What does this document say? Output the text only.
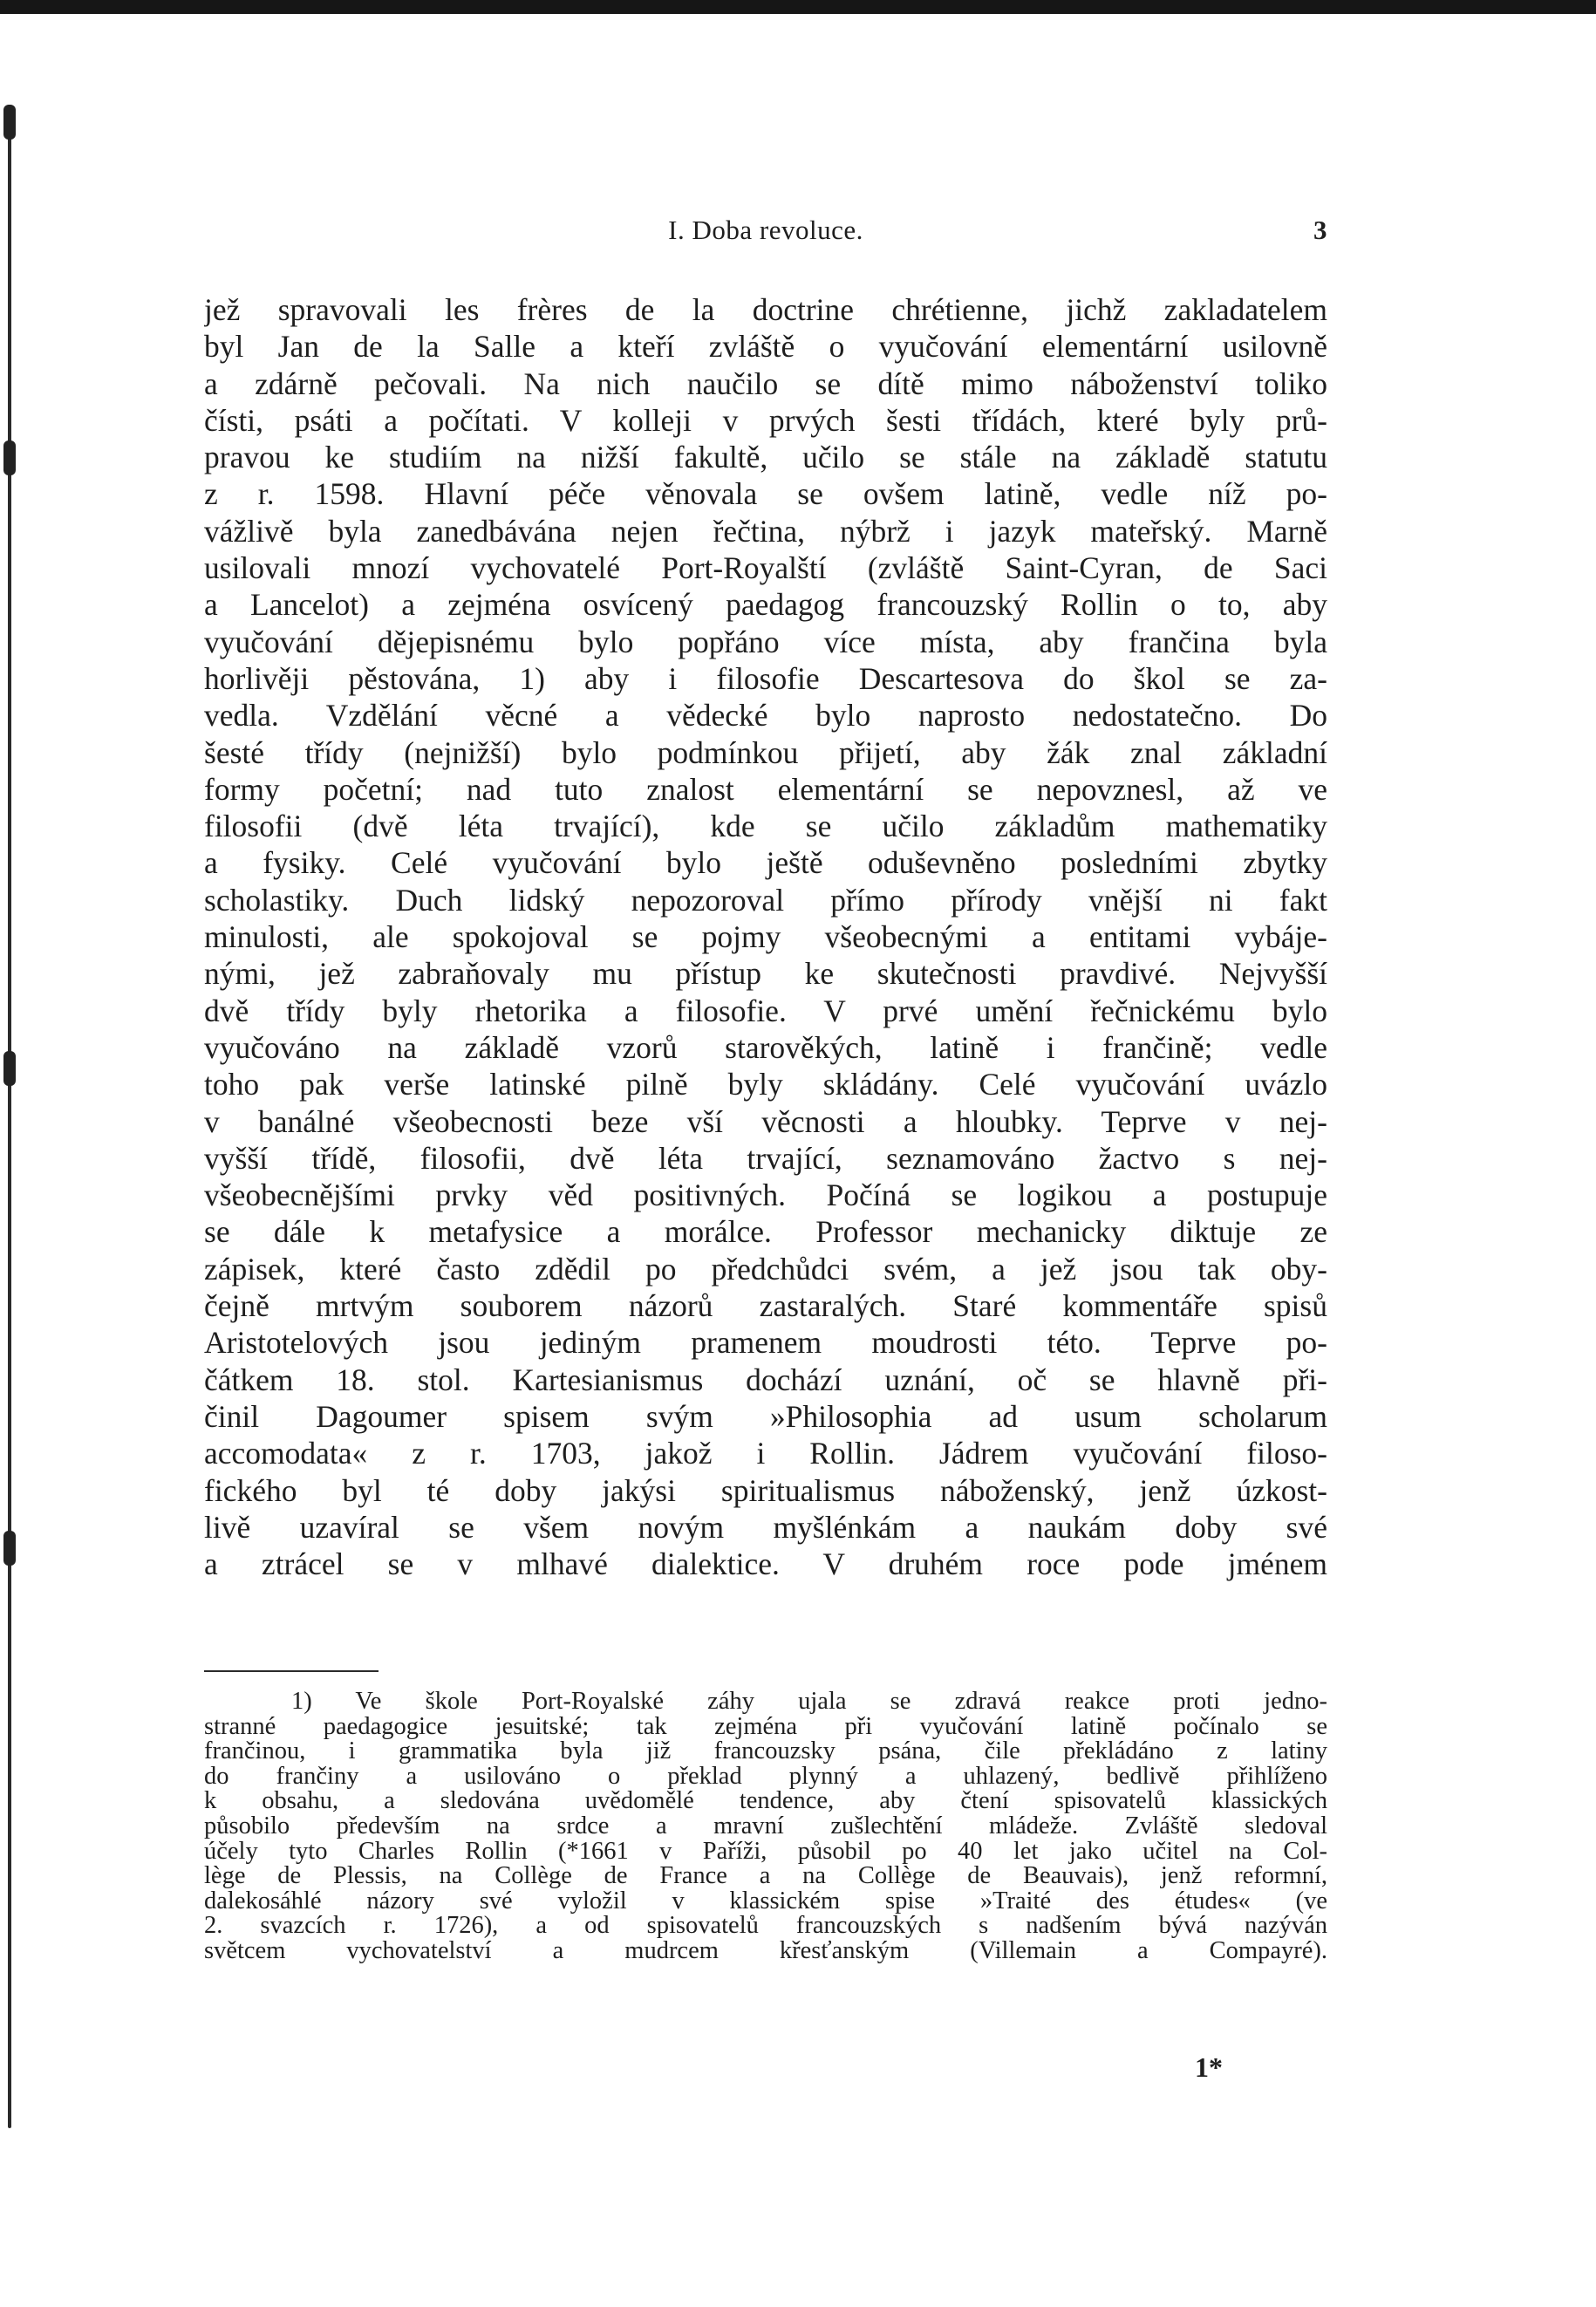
I. Doba revoluce.	3
jež spravovali les frères de la doctrine chrétienne, jichž zakladatelem
byl Jan de la Salle a kteří zvláště o vyučování elementární usilovně
a zdárně pečovali. Na nich naučilo se dítě mimo náboženství toliko
čísti, psáti a počítati. V kolleji v prvých šesti třídách, které byly prů-
pravou ke studiím na nižší fakultě, učilo se stále na základě statutu
z r. 1598. Hlavní péče věnovala se ovšem latině, vedle níž po-
vážlivě byla zanedbávána nejen řečtina, nýbrž i jazyk mateřský. Marně
usilovali mnozí vychovatelé Port-Royalští (zvláště Saint-Cyran, de Saci
a Lancelot) a zejména osvícený paedagog francouzský Rollin o to, aby
vyučování dějepisnému bylo popřáno více místa, aby frančina byla
horlivěji pěstována, 1) aby i filosofie Descartesova do škol se za-
vedla. Vzdělání věcné a vědecké bylo naprosto nedostatečno. Do
šesté třídy (nejnižší) bylo podmínkou přijetí, aby žák znal základní
formy početní; nad tuto znalost elementární se nepovznesl, až ve
filosofii (dvě léta trvající), kde se učilo základům mathematiky
a fysiky. Celé vyučování bylo ještě oduševněno posledními zbytky
scholastiky. Duch lidský nepozoroval přímo přírody vnější ni fakt
minulosti, ale spokojoval se pojmy všeobecnými a entitami vybáje-
nými, jež zabraňovaly mu přístup ke skutečnosti pravdivé. Nejvyšší
dvě třídy byly rhetorika a filosofie. V prvé umění řečnickému bylo
vyučováno na základě vzorů starověkých, latině i frančině; vedle
toho pak verše latinské pilně byly skládány. Celé vyučování uvázlo
v banálné všeobecnosti beze vší věcnosti a hloubky. Teprve v nej-
vyšší třídě, filosofii, dvě léta trvající, seznamováno žactvo s nej-
všeobecnějšími prvky věd positivných. Počíná se logikou a postupuje
se dále k metafysice a morálce. Professor mechanicky diktuje ze
zápisek, které často zdědil po předchůdci svém, a jež jsou tak oby-
čejně mrtvým souborem názorů zastaralých. Staré kommentáře spisů
Aristotelových jsou jediným pramenem moudrosti této. Teprve po-
čátkem 18. stol. Kartesianismus dochází uznání, oč se hlavně při-
činil Dagoumer spisem svým »Philosophia ad usum scholarum
accomodata« z r. 1703, jakož i Rollin. Jádrem vyučování filoso-
fického byl té doby jakýsi spiritualismus náboženský, jenž úzkost-
livě uzavíral se všem novým myšlénkám a naukám doby své
a ztrácel se v mlhavé dialektice. V druhém roce pode jménem
1) Ve škole Port-Royalské záhy ujala se zdravá reakce proti jedno-
stranné paedagogice jesuitské; tak zejména při vyučování latině počínalo se
frančinou, i grammatika byla již francouzsky psána, čile překládáno z latiny
do frančiny a usilováno o překlad plynný a uhlazený, bedlivě přihlíženo
k obsahu, a sledována uvědomělé tendence, aby čtení spisovatelů klassických
působilo především na srdce a mravní zušlechtění mládeže. Zvláště sledoval
účely tyto Charles Rollin (*1661 v Paříži, působil po 40 let jako učitel na Col-
lège de Plessis, na Collège de France a na Collège de Beauvais), jenž reformní,
dalekosáhlé názory své vyložil v klassickém spise »Traité des études« (ve
2. svazcích r. 1726), a od spisovatelů francouzských s nadšením bývá nazýván
světcem vychovatelství a mudrcem křesťanským (Villemain a Compayré).
1*
